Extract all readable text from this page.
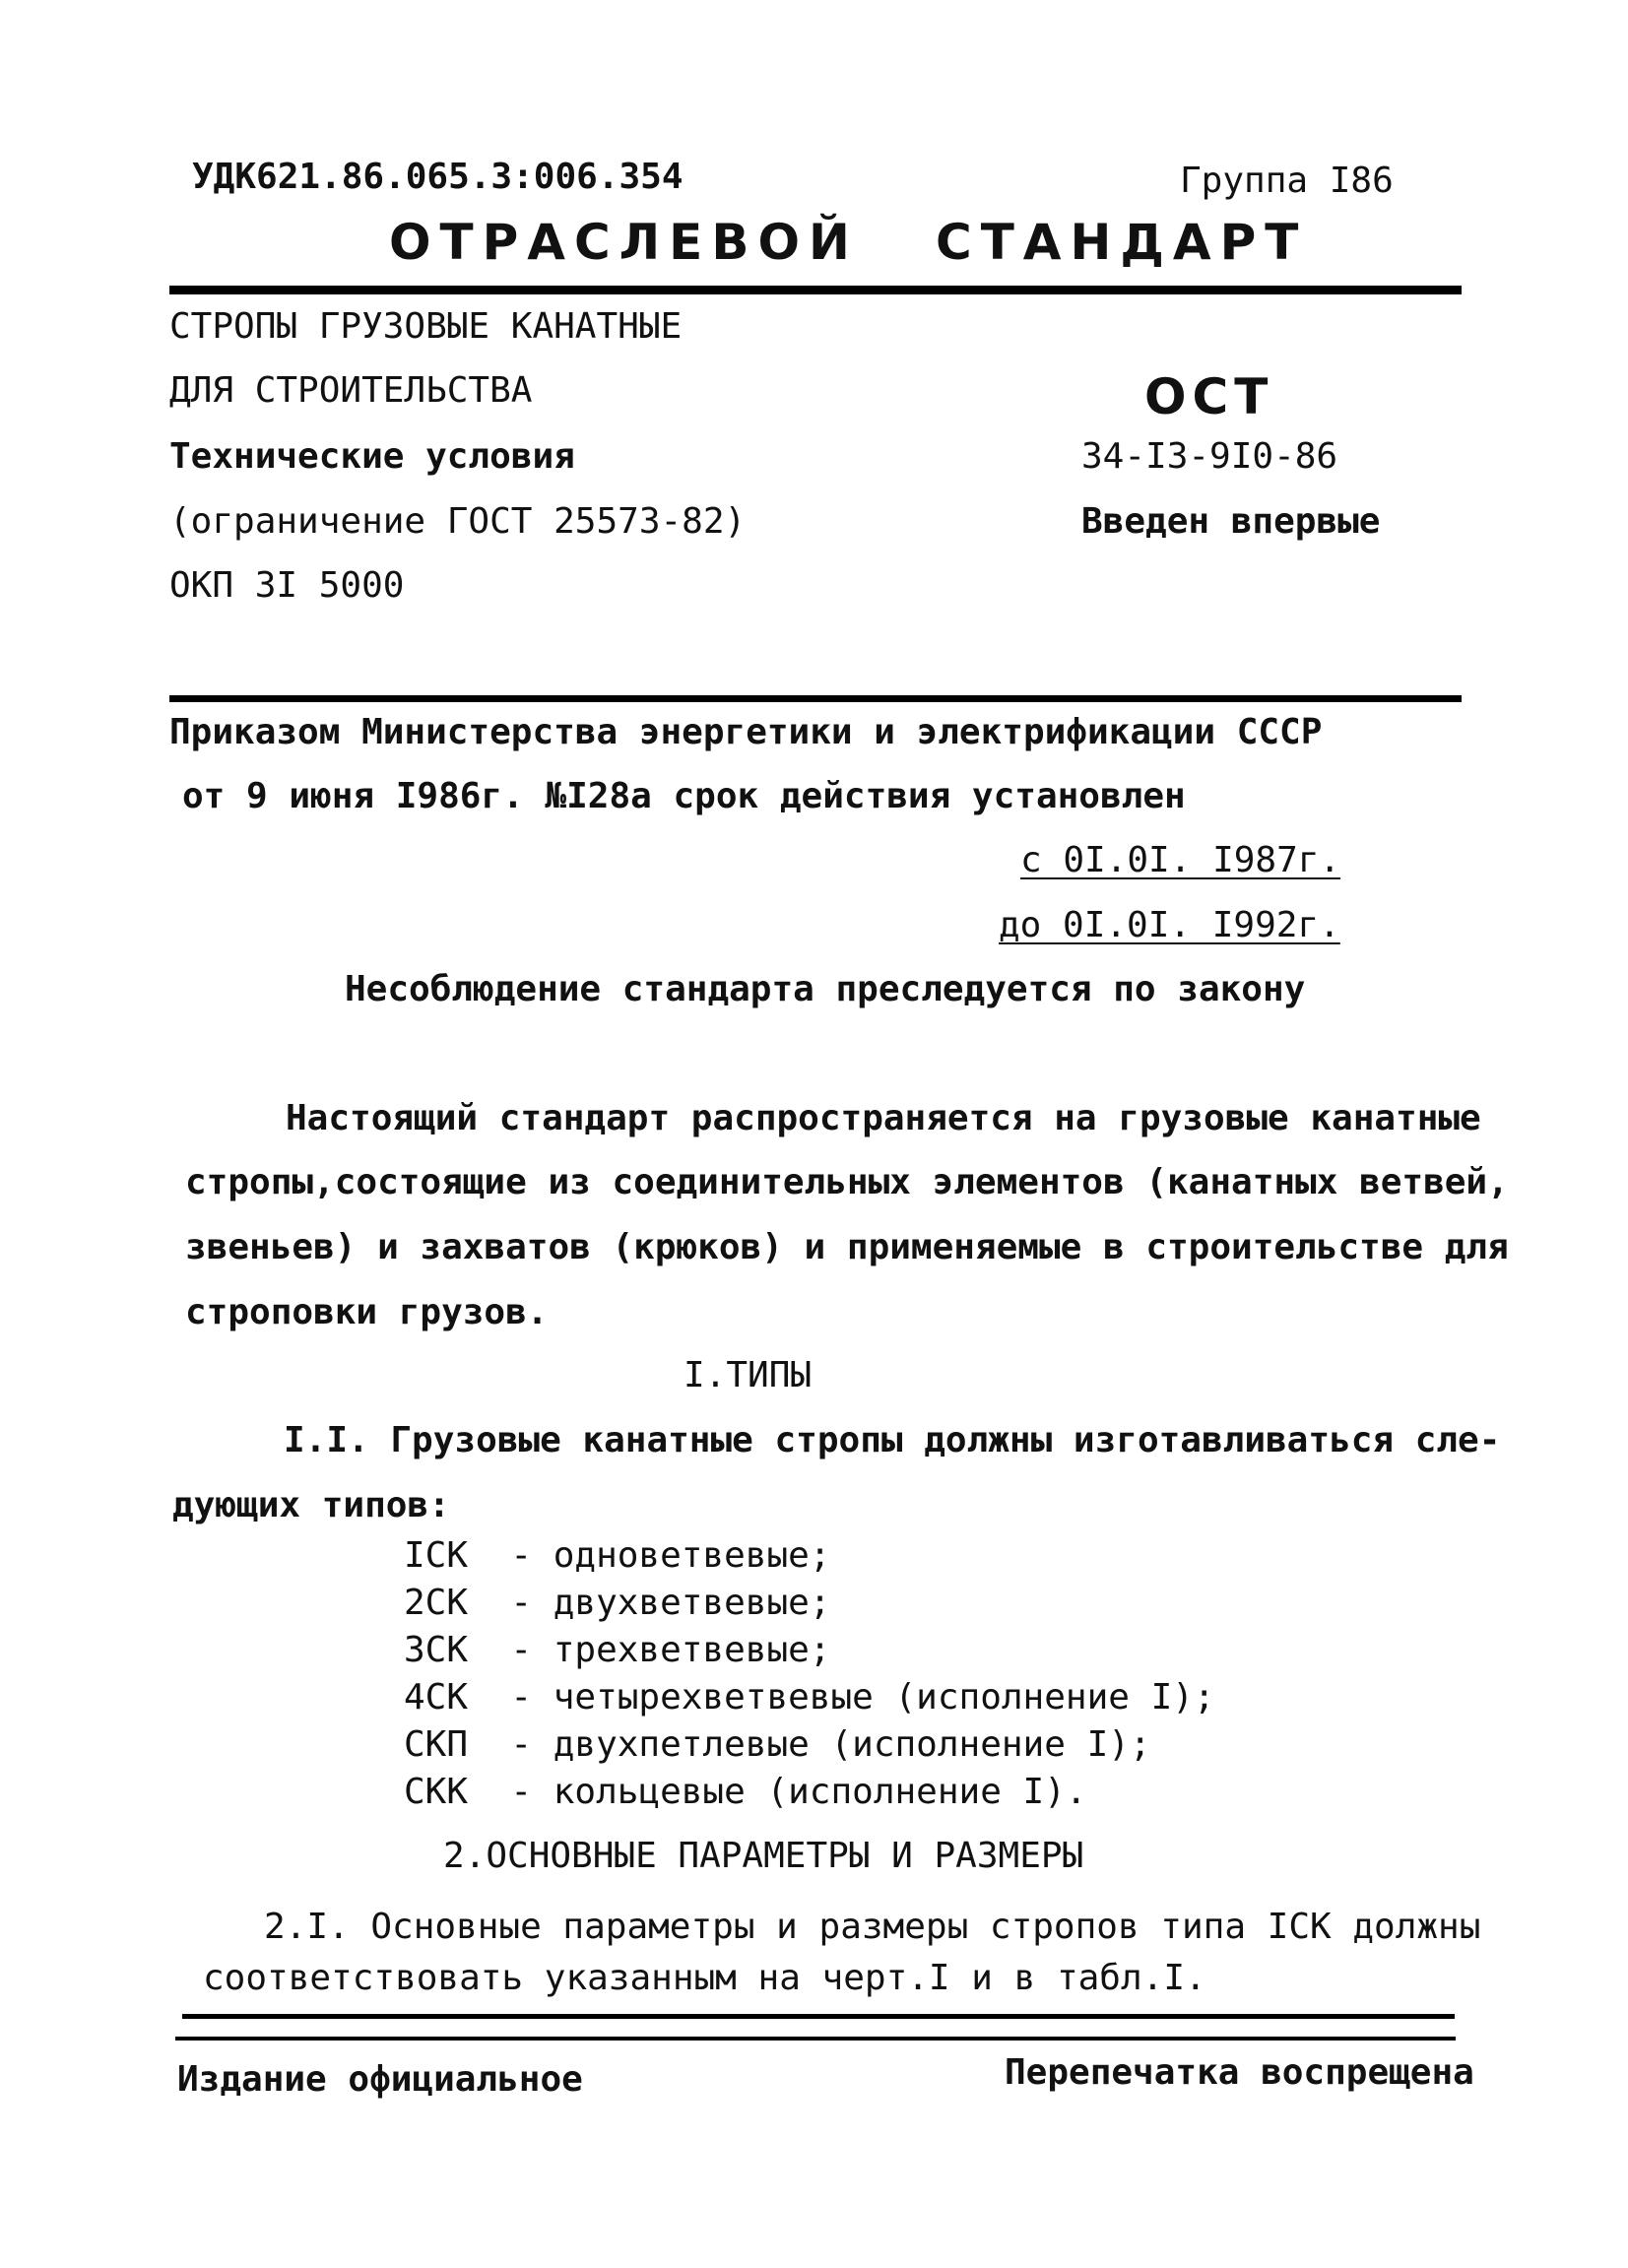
УДК621.86.065.3:006.354	Группа I86
ОТРАСЛЕВОЙ СТАНДАРТ
СТРОПЫ ГРУЗОВЫЕ КАНАТНЫЕ
ДЛЯ СТРОИТЕЛЬСТВА
Технические условия
(ограничение ГОСТ 25573-82)
ОКП 3I 5000
ОСТ
34-I3-9I0-86
Введен впервые
Приказом Министерства энергетики и электрификации СССР
от 9 июня I986г. №I28а срок действия установлен
с 0I.0I. I987г.
до 0I.0I. I992г.
Несоблюдение стандарта преследуется по закону
Настоящий стандарт распространяется на грузовые канатные
стропы,состоящие из соединительных элементов (канатных ветвей,
звеньев) и захватов (крюков) и применяемые в строительстве для
строповки грузов.
I.ТИПЫ
I.I. Грузовые канатные стропы должны изготавливаться сле-
дующих типов:
IСК  - одноветвевые;
2СК  - двухветвевые;
3СК  - трехветвевые;
4СК  - четырехветвевые (исполнение I);
СКП  - двухпетлевые (исполнение I);
СКК  - кольцевые (исполнение I).
2.ОСНОВНЫЕ ПАРАМЕТРЫ И РАЗМЕРЫ
2.I. Основные параметры и размеры стропов типа IСК должны
соответствовать указанным на черт.I и в табл.I.
Издание официальное	Перепечатка воспрещена
